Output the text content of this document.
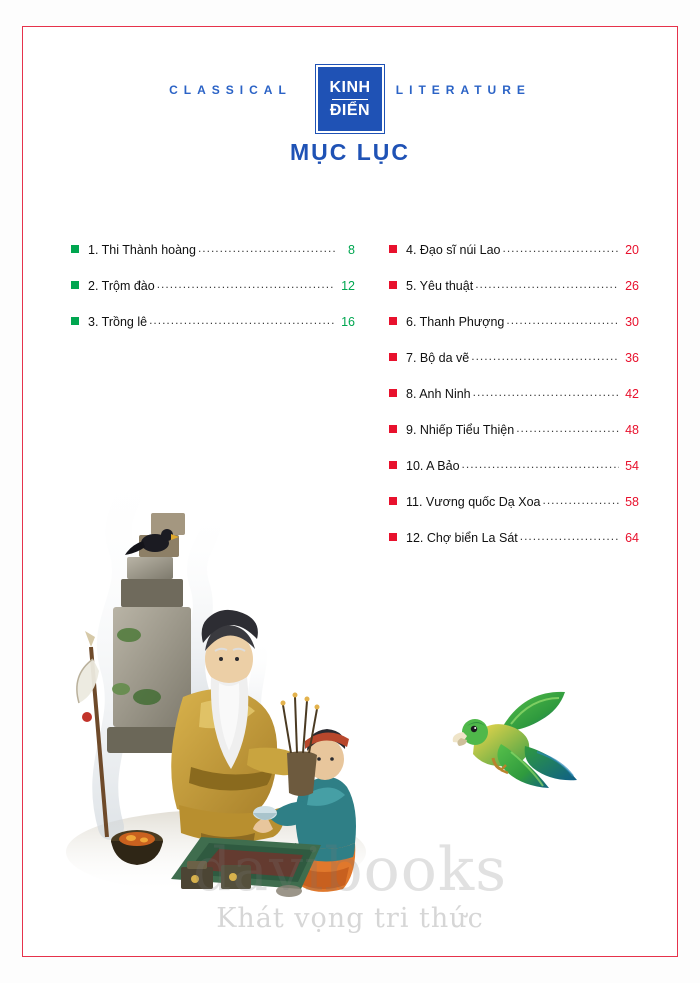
CLASSICAL	LITERATURE
KINH
ĐIỂN
MỤC LỤC
1. Thi Thành hoàng .....	8
2. Trộm đào .....	12
3. Trồng lê .....	16
4. Đạo sĩ núi Lao .....	20
5. Yêu thuật .....	26
6. Thanh Phượng .....	30
7. Bộ da vẽ .....	36
8. Anh Ninh .....	42
9. Nhiếp Tiểu Thiện .....	48
10. A Bảo .....	54
11. Vương quốc Dạ Xoa .....	58
12. Chợ biển La Sát .....	64
davibooks
Khát vọng tri thức
